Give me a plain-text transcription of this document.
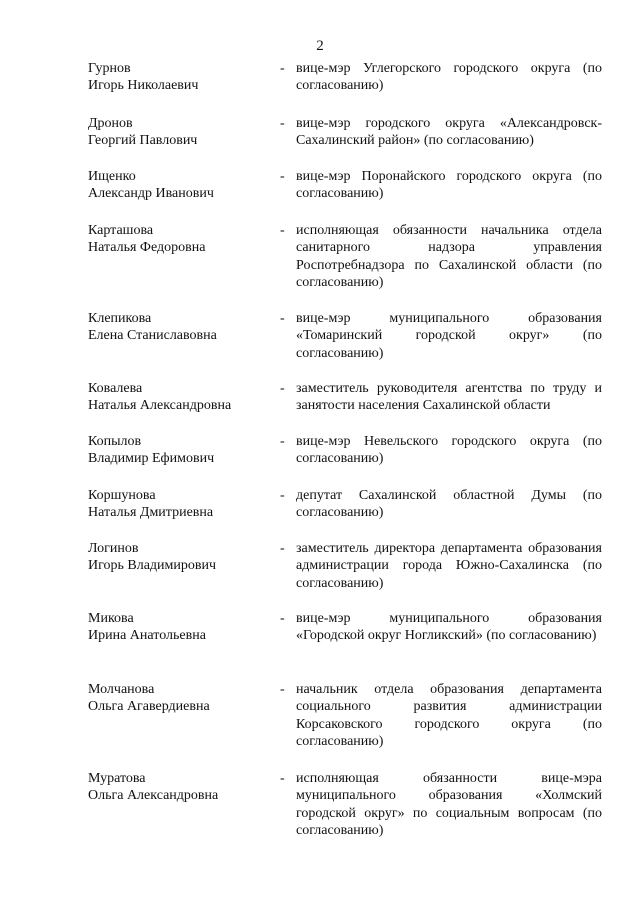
2
Гурнов
Игорь Николаевич
- вице-мэр Углегорского городского округа (по согласованию)
Дронов
Георгий Павлович
- вице-мэр городского округа «Александровск-Сахалинский район» (по согласованию)
Ищенко
Александр Иванович
- вице-мэр Поронайского городского округа (по согласованию)
Карташова
Наталья Федоровна
- исполняющая обязанности начальника отдела санитарного надзора управления Роспотребнадзора по Сахалинской области (по согласованию)
Клепикова
Елена Станиславовна
- вице-мэр муниципального образования «Томаринский городской округ» (по согласованию)
Ковалева
Наталья Александровна
- заместитель руководителя агентства по труду и занятости населения Сахалинской области
Копылов
Владимир Ефимович
- вице-мэр Невельского городского округа (по согласованию)
Коршунова
Наталья Дмитриевна
- депутат Сахалинской областной Думы (по согласованию)
Логинов
Игорь Владимирович
- заместитель директора департамента образования администрации города Южно-Сахалинска (по согласованию)
Микова
Ирина Анатольевна
- вице-мэр муниципального образования «Городской округ Ногликский» (по согласованию)
Молчанова
Ольга Агавердиевна
- начальник отдела образования департамента социального развития администрации Корсаковского городского округа (по согласованию)
Муратова
Ольга Александровна
- исполняющая обязанности вице-мэра муниципального образования «Холмский городской округ» по социальным вопросам (по согласованию)
